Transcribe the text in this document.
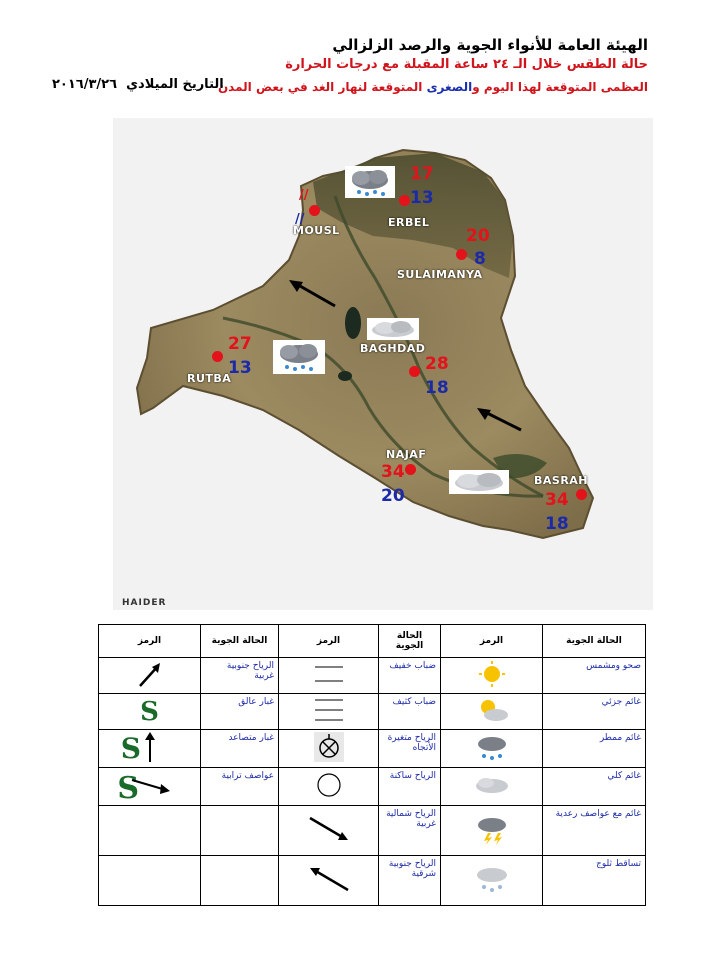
الهيئة العامة للأنواء الجوية والرصد الزلزالي
حالة الطقس خلال الـ ٢٤ ساعة المقبلة مع درجات الحرارة
العظمى المتوقعة لهذا اليوم والصغرى المتوقعة لنهار الغد في بعض المدن
التاريخ الميلادي  ٢٠١٦/٣/٢٦
17
13
ERBEL
//
//
MOUSL	20
8
SULAIMANYA
27
13
RUTBA
28
18
BAGHDAD
34
20
NAJAF
34
18
BASRAH
HAIDER
الرمز	الحالة الجوية	الرمز	الحالة الجوية	الرمز	الحالة الجوية
	الرياح جنوبية غربية		ضباب خفيف		صحو ومشمس
S	غبار عالق		ضباب كثيف		غائم جزئي

S	غبار متصاعد		الرياح متغيرة الأتجاه		غائم ممطر

S	عواصف ترابية		الرياح ساكنة		غائم كلي
			الرياح شمالية غربية		غائم مع عواصف رعدية
			الرياح جنوبية شرقية		تساقط ثلوج
